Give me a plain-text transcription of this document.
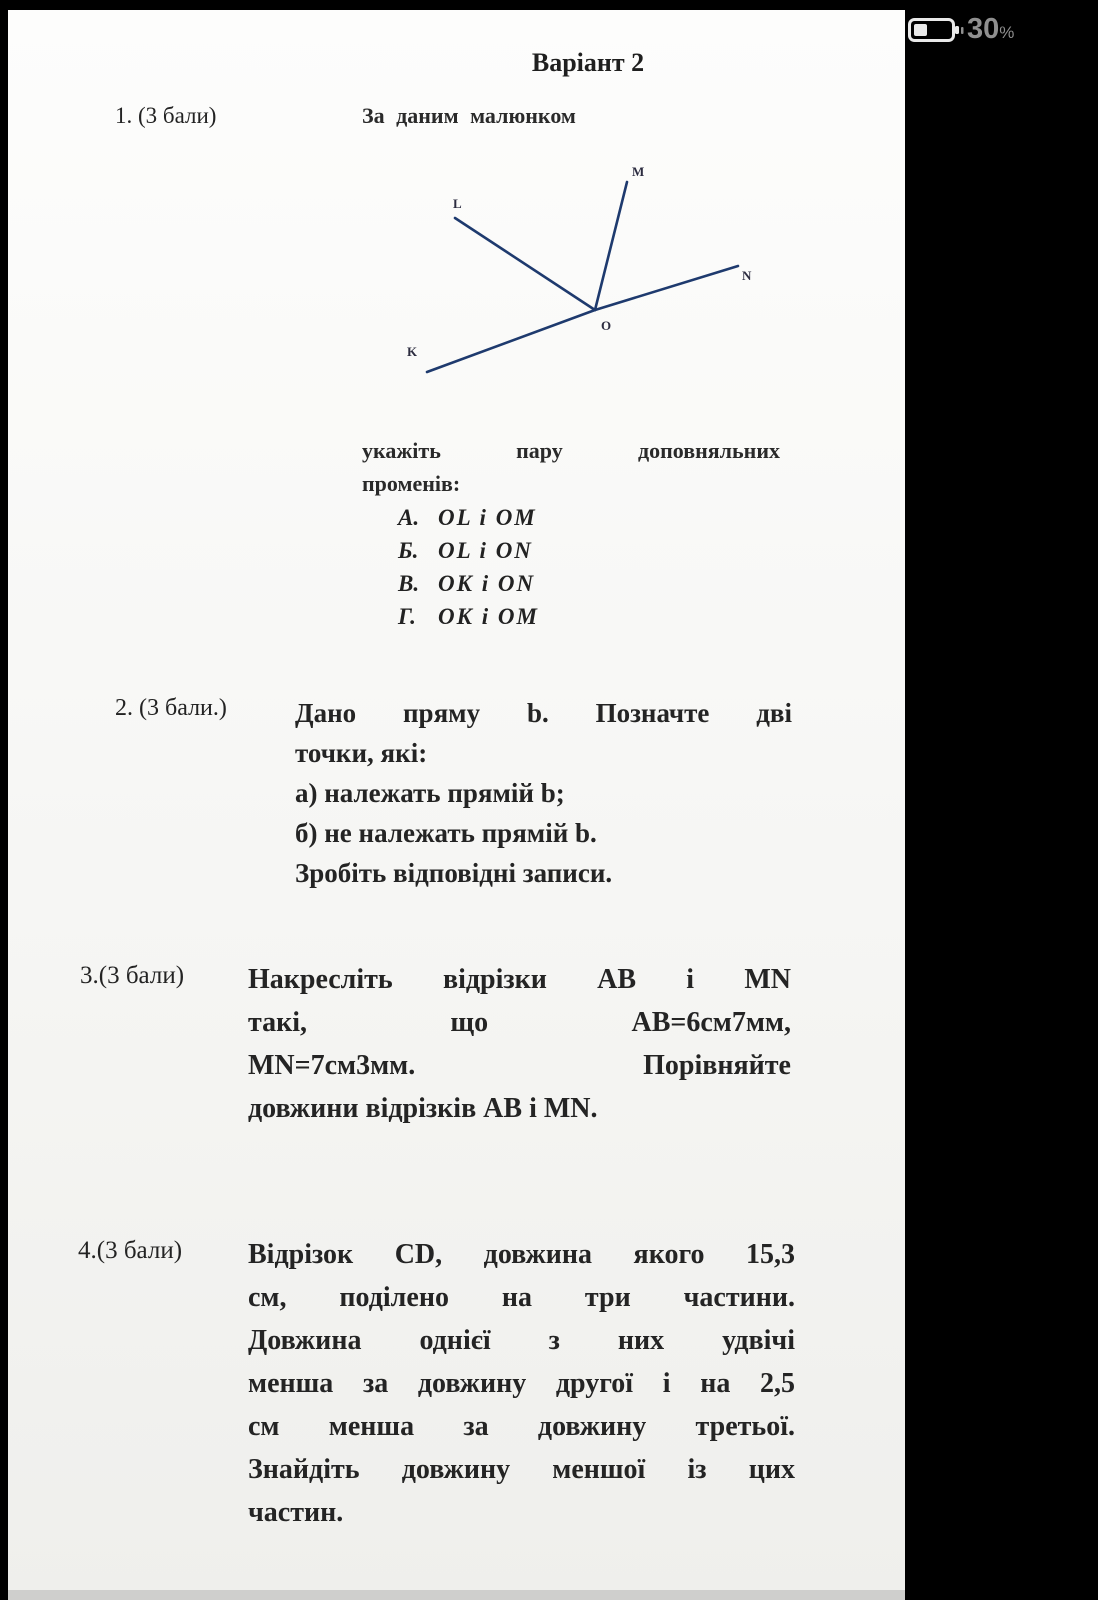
30%
Варіант 2
1. (3 бали)	За даним малюнком
M
L
N
O
K
укажіть пару доповняльних
променів:
А. OL і OM
Б. OL і ON
В. OK і ON
Г. OK і OM
2. (3 бали.)	Дано пряму b. Позначте дві
точки, які:
а) належать прямій b;
б) не належать прямій b.
Зробіть відповідні записи.
3.(3 бали) Накресліть відрізки AB і MN
такі, що AB=6см7мм,
MN=7см3мм. Порівняйте
довжини відрізків AB і MN.
4.(3 бали) Відрізок CD, довжина якого 15,3
см, поділено на три частини.
Довжина однієї з них удвічі
менша за довжину другої і на 2,5
см менша за довжину третьої.
Знайдіть довжину меншої із цих
частин.
